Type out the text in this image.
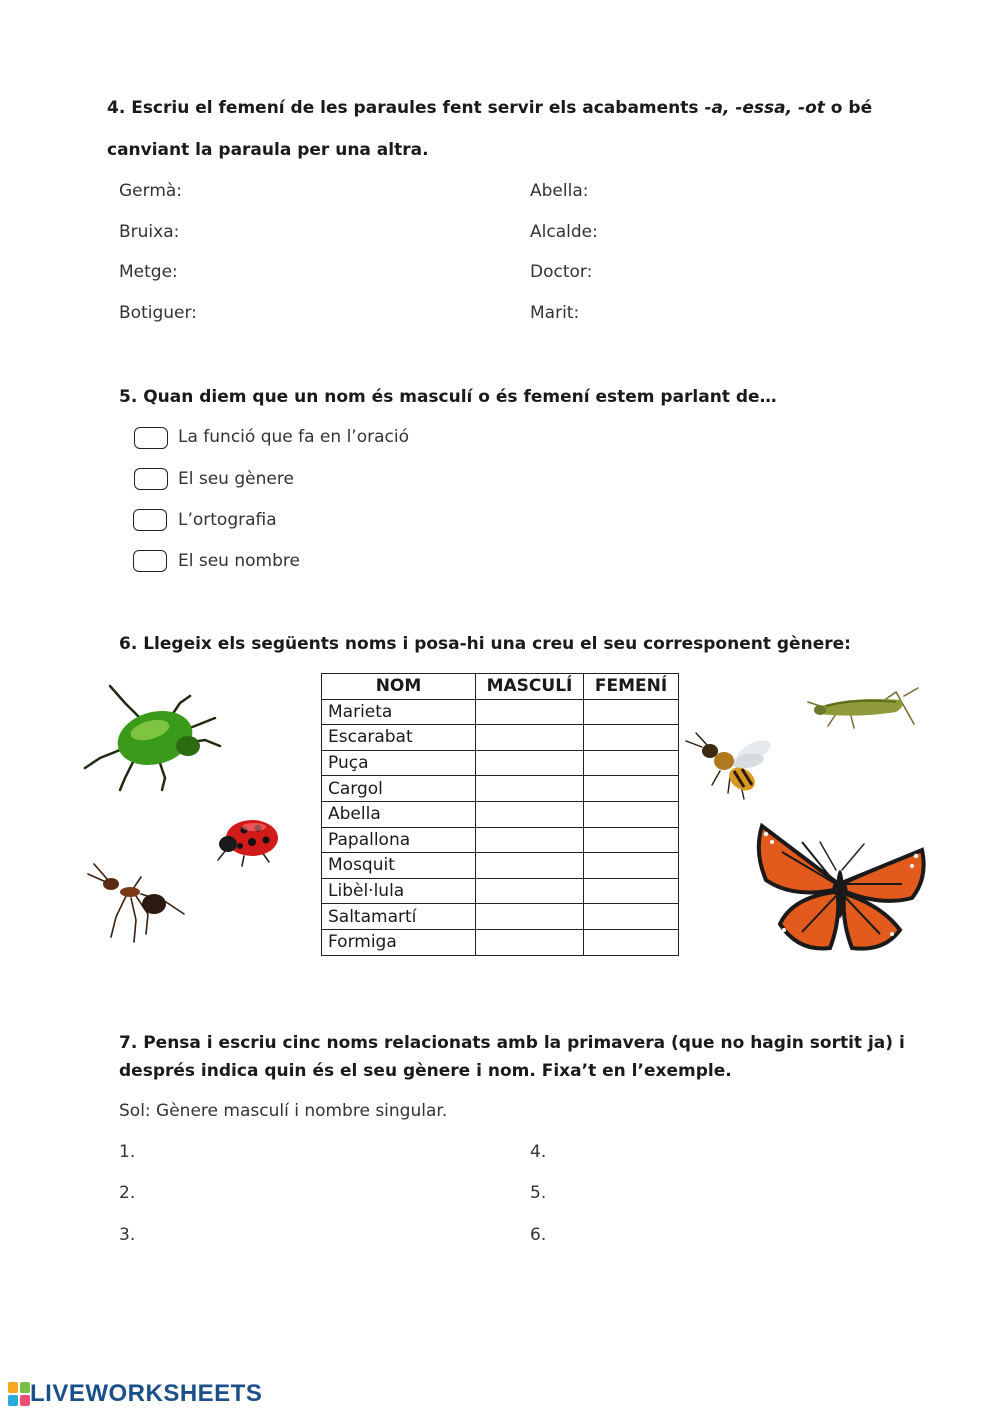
4. Escriu el femení de les paraules fent servir els acabaments -a, -essa, -ot o bé
canviant la paraula per una altra.
Germà:
Bruixa:
Metge:
Botiguer:
Abella:
Alcalde:
Doctor:
Marit:
5. Quan diem que un nom és masculí o és femení estem parlant de…
La funció que fa en l’oració
El seu gènere
L’ortografia
El seu nombre
6. Llegeix els següents noms i posa-hi una creu el seu corresponent gènere:
NOM	MASCULÍ	FEMENÍ
Marieta		
Escarabat		
Puça		
Cargol		
Abella		
Papallona		
Mosquit		
Libèl·lula		
Saltamartí		
Formiga		
7. Pensa i escriu cinc noms relacionats amb la primavera (que no hagin sortit ja) i
després indica quin és el seu gènere i nom. Fixa’t en l’exemple.
Sol: Gènere masculí i nombre singular.
1.
2.
3.
4.
5.
6.
LIVEWORKSHEETS
